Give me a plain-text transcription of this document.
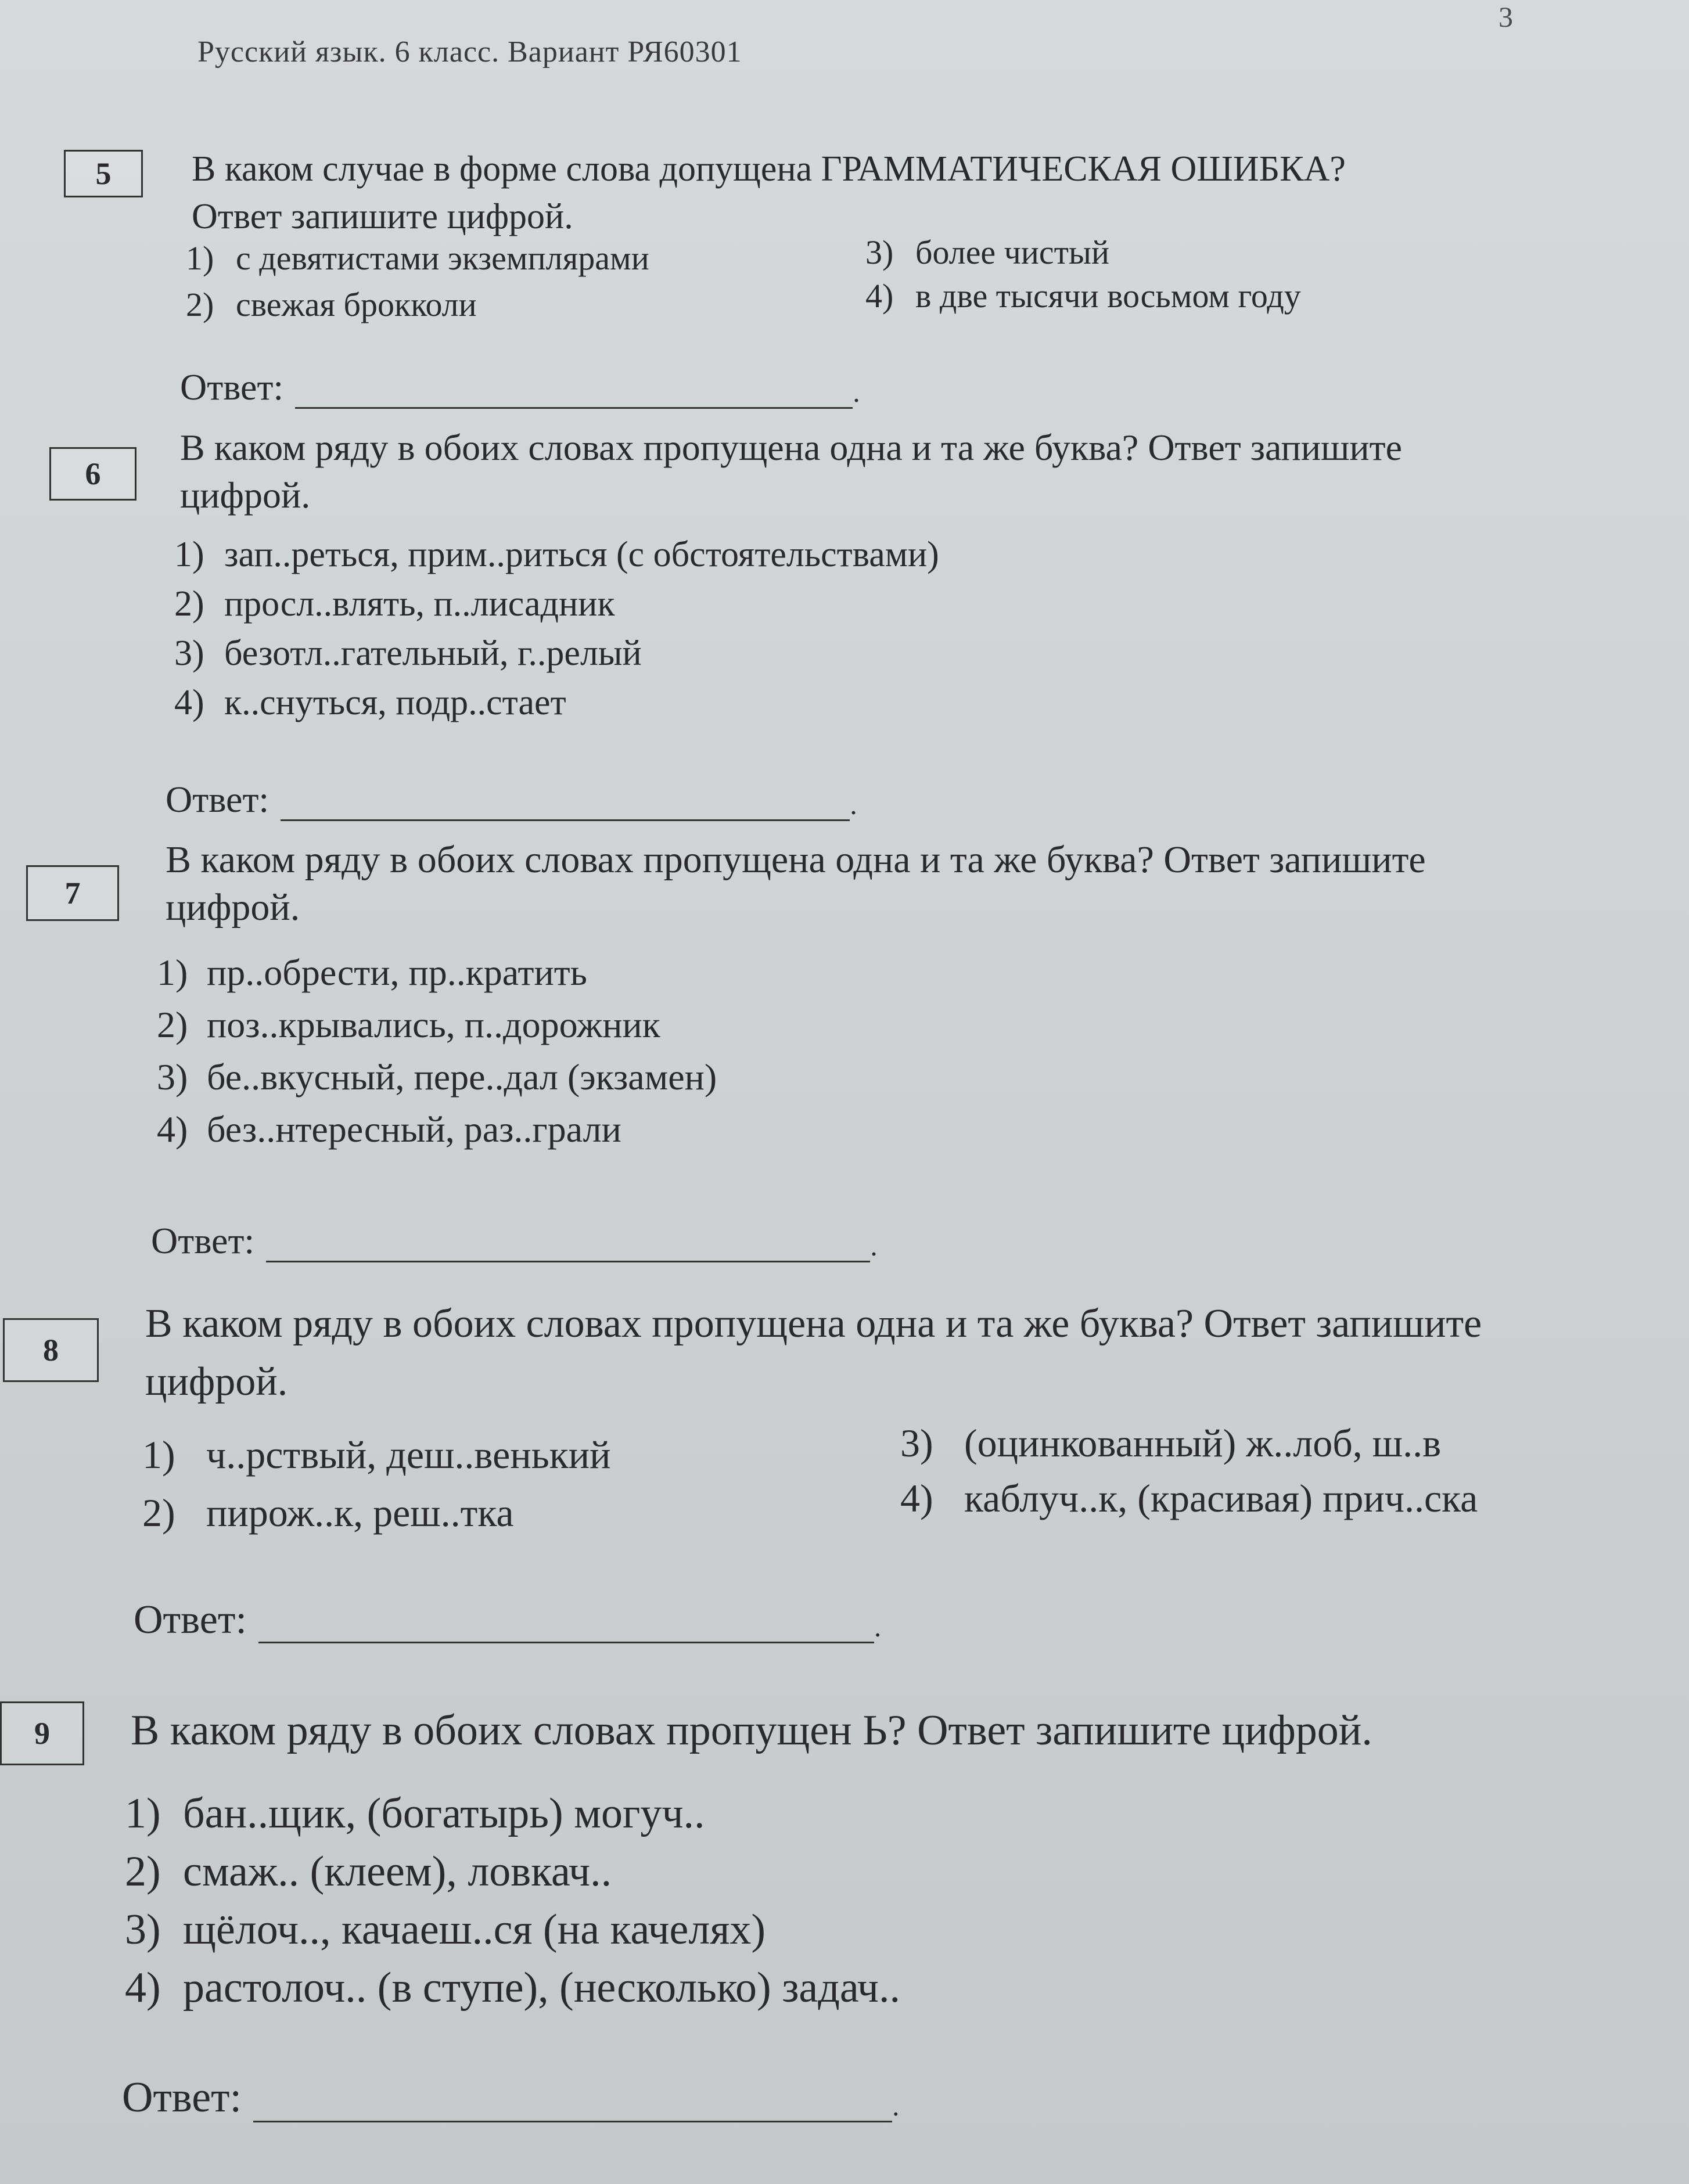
Русский язык. 6 класс. Вариант РЯ60301
3
5	В каком случае в форме слова допущена ГРАММАТИЧЕСКАЯ ОШИБКА?
Ответ запишите цифрой.
1) с девятистами экземплярами
2) свежая брокколи
3) более чистый
4) в две тысячи восьмом году
Ответ:	.
6
В каком ряду в обоих словах пропущена одна и та же буква? Ответ запишите
цифрой.
1) зап..реться, прим..риться (с обстоятельствами)
2) просл..влять, п..лисадник
3) безотл..гательный, г..релый
4) к..снуться, подр..стает
Ответ:	.
7
В каком ряду в обоих словах пропущена одна и та же буква? Ответ запишите
цифрой.
1) пр..обрести, пр..кратить
2) поз..крывались, п..дорожник
3) бе..вкусный, пере..дал (экзамен)
4) без..нтересный, раз..грали
Ответ:	.
8
В каком ряду в обоих словах пропущена одна и та же буква? Ответ запишите
цифрой.
1) ч..рствый, деш..венький
2) пирож..к, реш..тка
3) (оцинкованный) ж..лоб, ш..в
4) каблуч..к, (красивая) прич..ска
Ответ:	.
9	В каком ряду в обоих словах пропущен Ь? Ответ запишите цифрой.
1) бан..щик, (богатырь) могуч..
2) смаж.. (клеем), ловкач..
3) щёлоч.., качаеш..ся (на качелях)
4) растолоч.. (в ступе), (несколько) задач..
Ответ:	.
